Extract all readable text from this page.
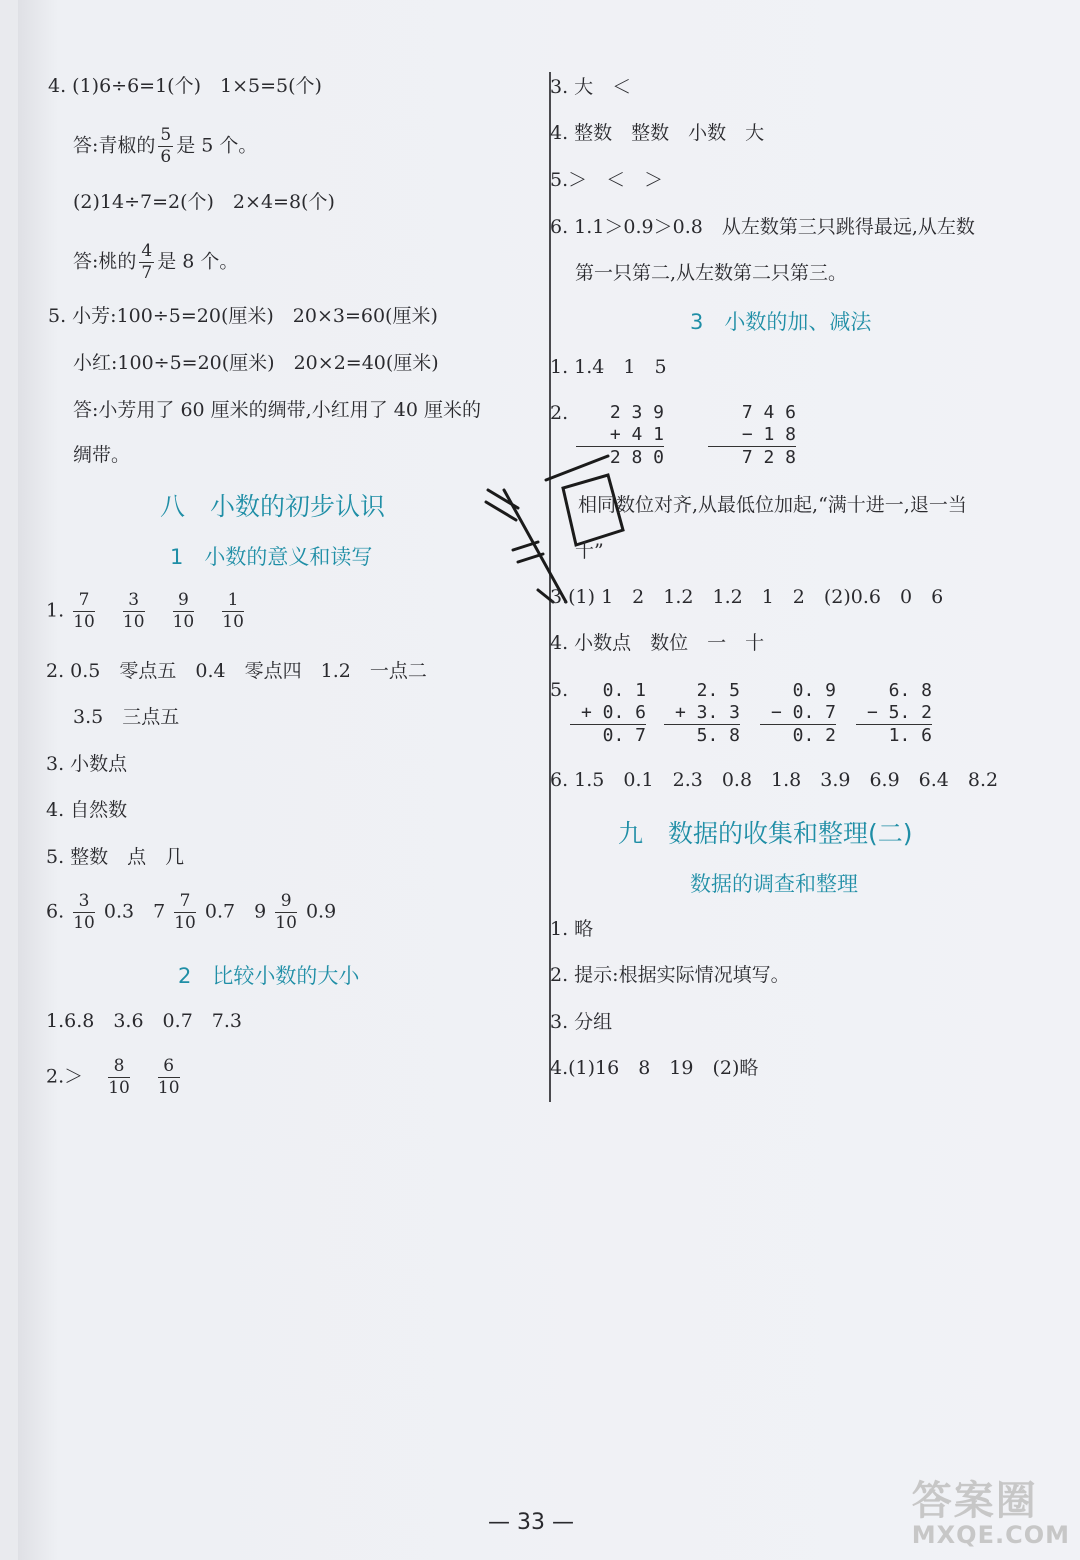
4. (1)6÷6=1(个)　1×5=5(个)
答:青椒的 $\frac{5}{6}$ 是 5 个。
(2)14÷7=2(个)　2×4=8(个)
答:桃的 $\frac{4}{7}$ 是 8 个。
5. 小芳:100÷5=20(厘米)　20×3=60(厘米)
小红:100÷5=20(厘米)　20×2=40(厘米)
答:小芳用了 60 厘米的绸带,小红用了 40 厘米的
绸带。
八　小数的初步认识
1　小数的意义和读写
1. $\frac{7}{10}$
$\frac{3}{10}$
$\frac{9}{10}$
$\frac{1}{10}$
2. 0.5　零点五　0.4　零点四　1.2　一点二
3.5　三点五
3. 小数点
4. 自然数
5. 整数　点　几
6. $\frac{3}{10} 0.3$　$7 \frac{7}{10} 0.7$　$9 \frac{9}{10} 0.9$
2　比较小数的大小
1.6.8　3.6　0.7　7.3
$2.> \frac{8}{10}$
$\frac{6}{10}$
3. 大　＜
4. 整数　整数　小数　大
5.＞　＜　＞
6. 1.1＞0.9＞0.8　从左数第三只跳得最远,从左数
第一只第二,从左数第二只第三。
3　小数的加、减法
1. 1.4　1　5
2.	2 3 9
+ 4 1
2 8 0
7 4 6
− 1 8
7 2 8
相同数位对齐,从最低位加起,“满十进一,退一当
十”
3.(1) 1　2　1.2　1.2　1　2　(2)0.6　0　6
4. 小数点　数位　一　十
5.	0. 1
+ 0. 6
0. 7
2. 5
+ 3. 3
5. 8
0. 9
− 0. 7
0. 2
6. 8
− 5. 2
1. 6
6. 1.5　0.1　2.3　0.8　1.8　3.9　6.9　6.4　8.2
九　数据的收集和整理(二)
数据的调查和整理
1. 略
2. 提示:根据实际情况填写。
3. 分组
4.(1)16　8　19　(2)略
— 33 —	答案圈
MXQE.COM
